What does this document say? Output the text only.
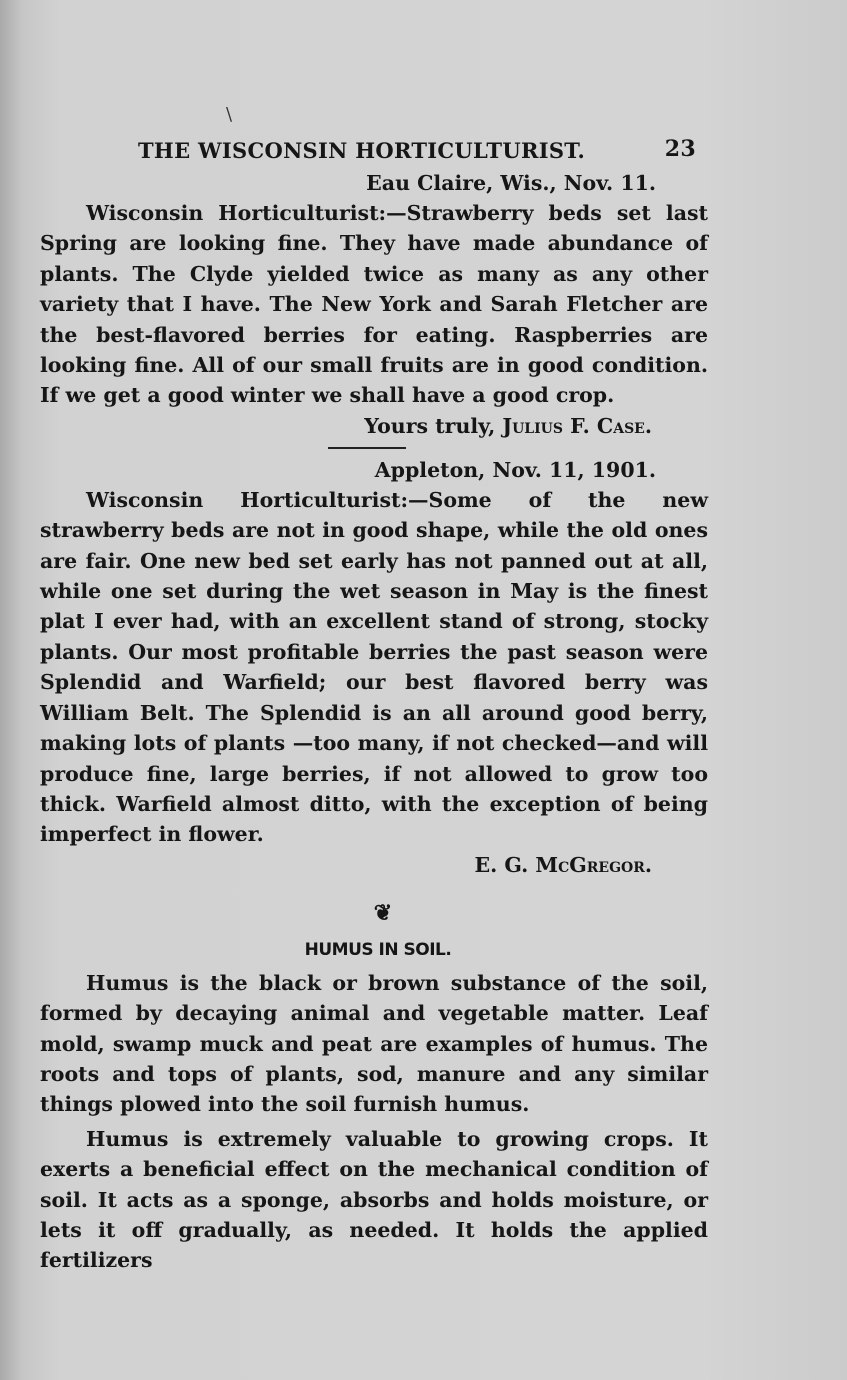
\
THE WISCONSIN HORTICULTURIST.	23

Eau Claire, Wis., Nov. 11.

Wisconsin Horticulturist:—Strawberry beds set last Spring are looking fine. They have made abundance of plants. The Clyde yielded twice as many as any other variety that I have. The New York and Sarah Fletcher are the best-flavored berries for eating. Raspberries are looking fine. All of our small fruits are in good condition. If we get a good winter we shall have a good crop.

Yours truly, Julius F. Case.

Appleton, Nov. 11, 1901.

Wisconsin Horticulturist:—Some of the new strawberry beds are not in good shape, while the old ones are fair. One new bed set early has not panned out at all, while one set during the wet season in May is the finest plat I ever had, with an excellent stand of strong, stocky plants. Our most profitable berries the past season were Splendid and Warfield; our best flavored berry was William Belt. The Splendid is an all around good berry, making lots of plants —too many, if not checked—and will produce fine, large berries, if not allowed to grow too thick. Warfield almost ditto, with the exception of being imperfect in flower.

E. G. McGregor.

❦

HUMUS IN SOIL.

Humus is the black or brown substance of the soil, formed by decaying animal and vegetable matter. Leaf mold, swamp muck and peat are examples of humus. The roots and tops of plants, sod, manure and any similar things plowed into the soil furnish humus.

Humus is extremely valuable to growing crops. It exerts a beneficial effect on the mechanical condition of soil. It acts as a sponge, absorbs and holds moisture, or lets it off gradually, as needed. It holds the applied fertilizers
